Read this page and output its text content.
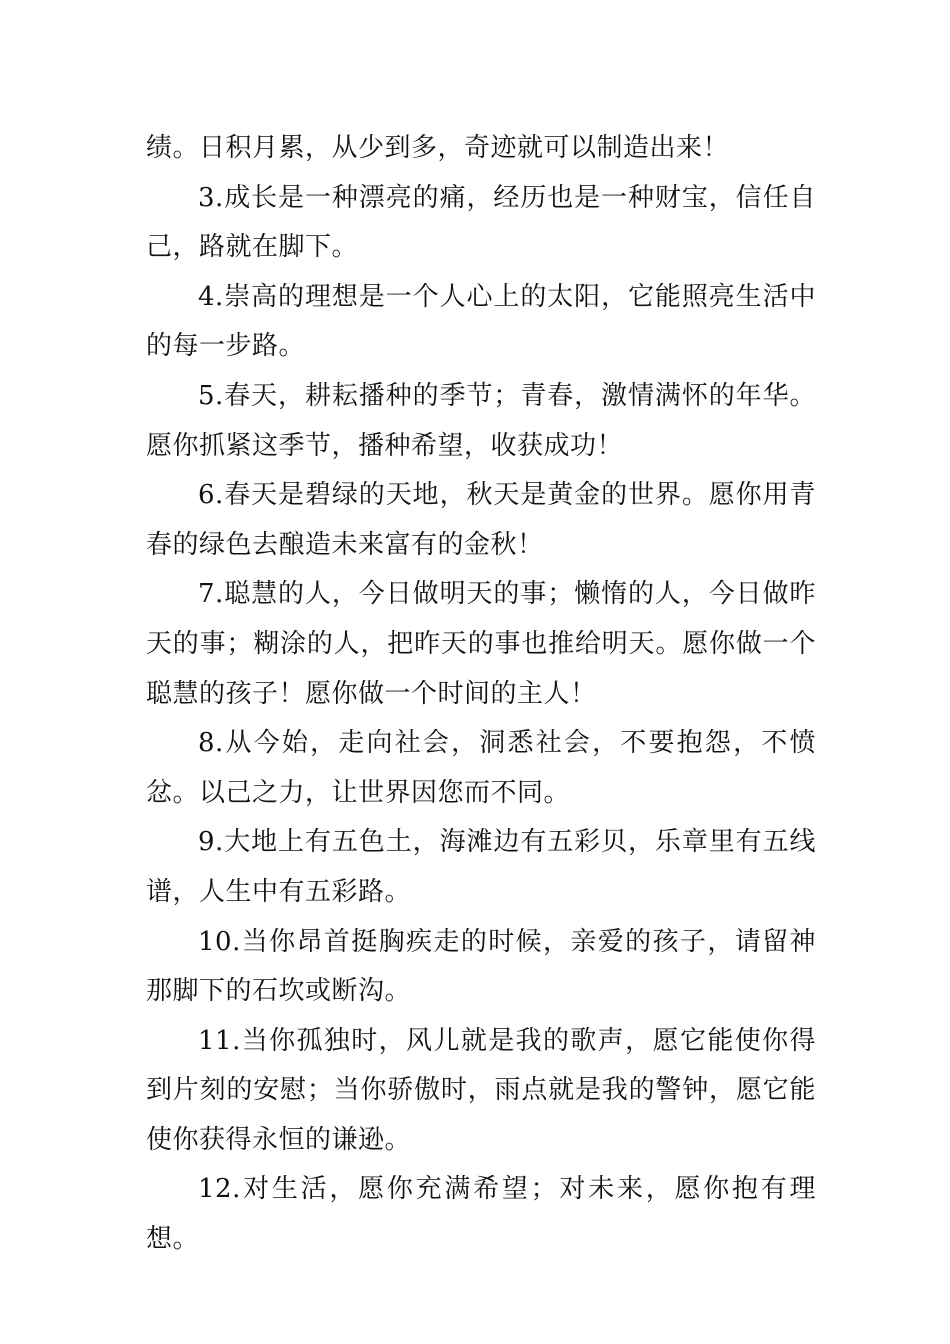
绩。日积月累，从少到多，奇迹就可以制造出来！

3.成长是一种漂亮的痛，经历也是一种财宝，信任自己，路就在脚下。

4.崇高的理想是一个人心上的太阳，它能照亮生活中的每一步路。

5.春天，耕耘播种的季节；青春，激情满怀的年华。愿你抓紧这季节，播种希望，收获成功！

6.春天是碧绿的天地，秋天是黄金的世界。愿你用青春的绿色去酿造未来富有的金秋！

7.聪慧的人，今日做明天的事；懒惰的人，今日做昨天的事；糊涂的人，把昨天的事也推给明天。愿你做一个聪慧的孩子！愿你做一个时间的主人！

8.从今始，走向社会，洞悉社会，不要抱怨，不愤忿。以己之力，让世界因您而不同。

9.大地上有五色土，海滩边有五彩贝，乐章里有五线谱，人生中有五彩路。

10.当你昂首挺胸疾走的时候，亲爱的孩子，请留神那脚下的石坎或断沟。

11.当你孤独时，风儿就是我的歌声，愿它能使你得到片刻的安慰；当你骄傲时，雨点就是我的警钟，愿它能使你获得永恒的谦逊。

12.对生活，愿你充满希望；对未来，愿你抱有理想。
